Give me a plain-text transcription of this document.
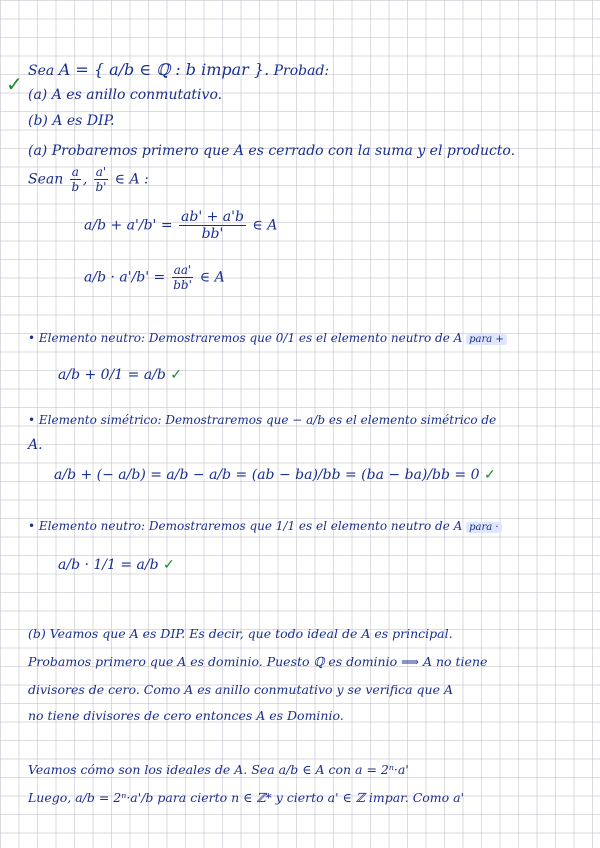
✓
Sea A = { a/b ∈ ℚ : b impar }. Probad:
(a) A es anillo conmutativo.
(b) A es DIP.
(a) Probaremos primero que A es cerrado con la suma y el producto.
Sean $\frac{a}{b}$ , $\frac{a'}{b'}$ ∈ A :
$a/b + a'/b' = \frac{ab' + a'b}{bb'}$ ∈ A
$a/b \cdot a'/b' = \frac{aa'}{bb'}$ ∈ A
• Elemento neutro: Demostraremos que 0/1 es el elemento neutro de A para +
a/b + 0/1 = a/b ✓
• Elemento simétrico: Demostraremos que − a/b es el elemento simétrico de
A.
a/b + (− a/b) = a/b − a/b = (ab − ba)/bb = (ba − ba)/bb = 0 ✓
• Elemento neutro: Demostraremos que 1/1 es el elemento neutro de A para ·
a/b · 1/1 = a/b ✓
(b) Veamos que A es DIP. Es decir, que todo ideal de A es principal.
Probamos primero que A es dominio. Puesto ℚ es dominio ⟹ A no tiene
divisores de cero. Como A es anillo conmutativo y se verifica que A
no tiene divisores de cero entonces A es Dominio.
Veamos cómo son los ideales de A. Sea a/b ∈ A con a = 2ⁿ·a'
Luego, a/b = 2ⁿ·a'/b para cierto n ∈ ℤ* y cierto a' ∈ ℤ impar. Como a'
